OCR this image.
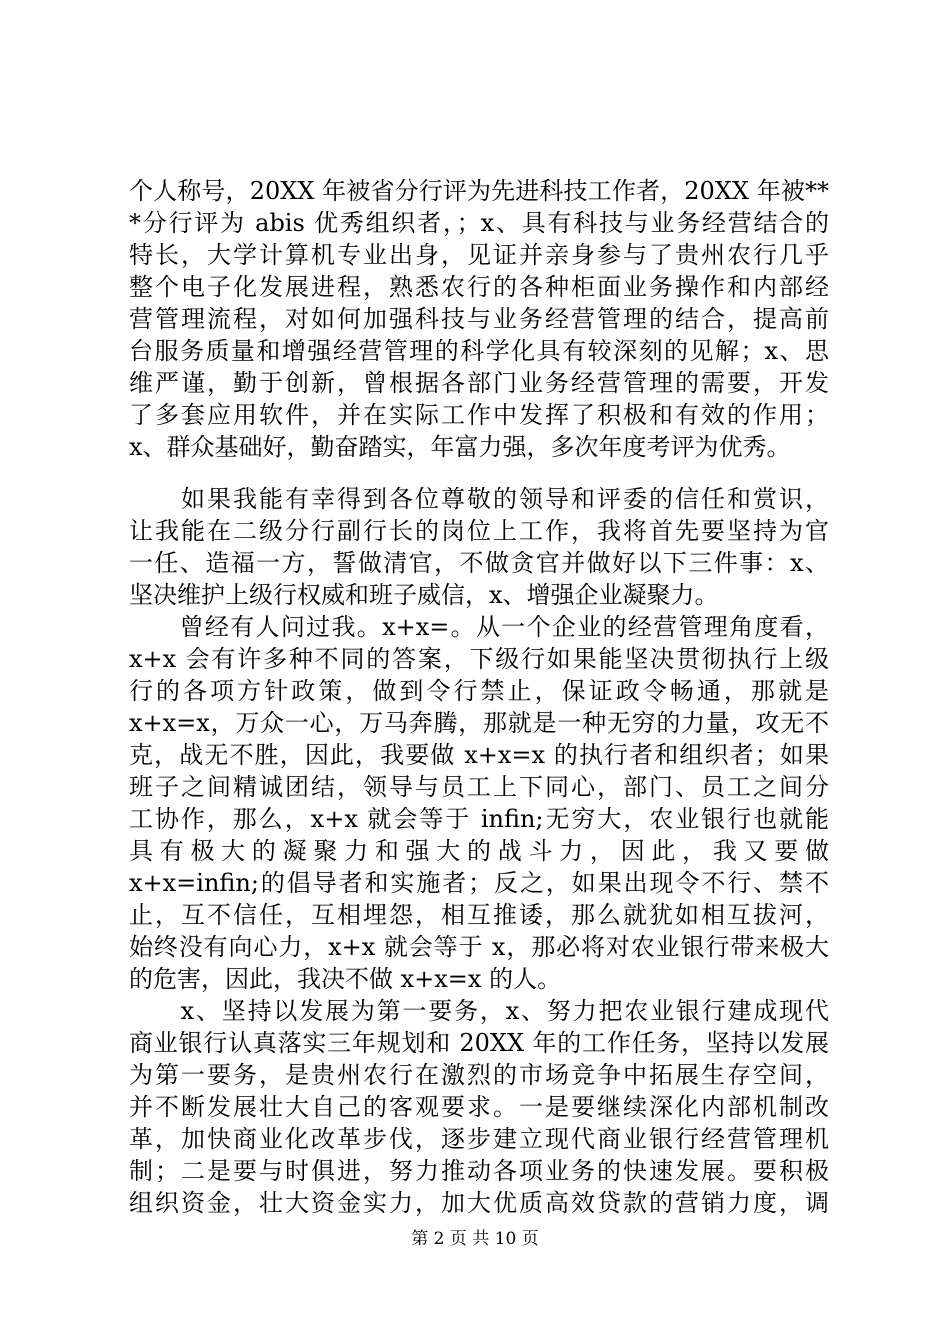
个人称号，20XX 年被省分行评为先进科技工作者，20XX 年被**
*分行评为 abis 优秀组织者，；x、具有科技与业务经营结合的
特长，大学计算机专业出身，见证并亲身参与了贵州农行几乎
整个电子化发展进程，熟悉农行的各种柜面业务操作和内部经
营管理流程，对如何加强科技与业务经营管理的结合，提高前
台服务质量和增强经营管理的科学化具有较深刻的见解；x、思
维严谨，勤于创新，曾根据各部门业务经营管理的需要，开发
了多套应用软件，并在实际工作中发挥了积极和有效的作用；
x、群众基础好，勤奋踏实，年富力强，多次年度考评为优秀。
　　如果我能有幸得到各位尊敬的领导和评委的信任和赏识，
让我能在二级分行副行长的岗位上工作，我将首先要坚持为官
一任、造福一方，誓做清官，不做贪官并做好以下三件事：x、
坚决维护上级行权威和班子威信，x、增强企业凝聚力。
　　曾经有人问过我。x+x=。从一个企业的经营管理角度看，
x+x 会有许多种不同的答案，下级行如果能坚决贯彻执行上级
行的各项方针政策，做到令行禁止，保证政令畅通，那就是
x+x=x，万众一心，万马奔腾，那就是一种无穷的力量，攻无不
克，战无不胜，因此，我要做 x+x=x 的执行者和组织者；如果
班子之间精诚团结，领导与员工上下同心，部门、员工之间分
工协作，那么，x+x 就会等于 infin;无穷大，农业银行也就能
具有极大的凝聚力和强大的战斗力，因此，我又要做
x+x=infin;的倡导者和实施者；反之，如果出现令不行、禁不
止，互不信任，互相埋怨，相互推诿，那么就犹如相互拔河，
始终没有向心力，x+x 就会等于 x，那必将对农业银行带来极大
的危害，因此，我决不做 x+x=x 的人。
　　x、坚持以发展为第一要务，x、努力把农业银行建成现代
商业银行认真落实三年规划和 20XX 年的工作任务，坚持以发展
为第一要务，是贵州农行在激烈的市场竞争中拓展生存空间，
并不断发展壮大自己的客观要求。一是要继续深化内部机制改
革，加快商业化改革步伐，逐步建立现代商业银行经营管理机
制；二是要与时俱进，努力推动各项业务的快速发展。要积极
组织资金，壮大资金实力，加大优质高效贷款的营销力度，调
第 2 页 共 10 页
